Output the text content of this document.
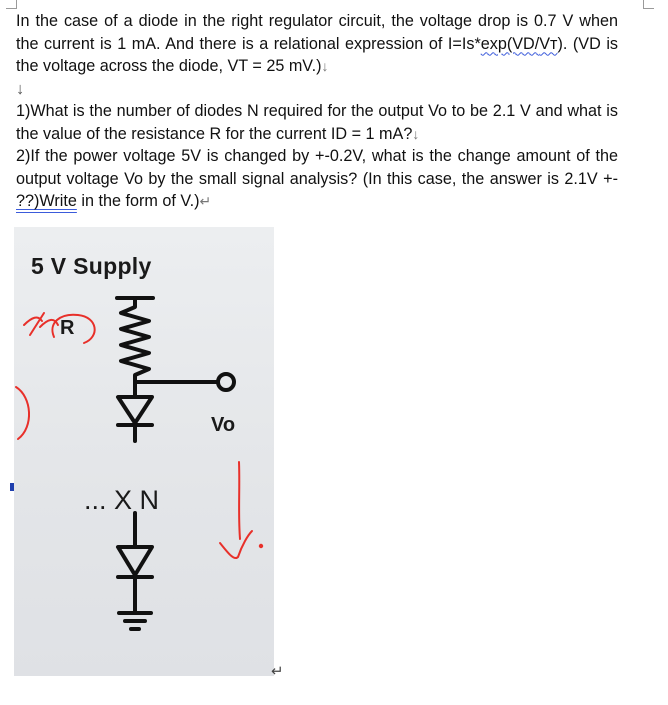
In the case of a diode in the right regulator circuit, the voltage drop is 0.7 V when the current is 1 mA. And there is a relational expression of I=Is*exp(VD/Vт). (VD is the voltage across the diode, VT = 25 mV.)↓

↓

1)What is the number of diodes N required for the output Vo to be 2.1 V and what is the value of the resistance R for the current ID = 1 mA?↓

2)If the power voltage 5V is changed by +-0.2V, what is the change amount of the output voltage Vo by the small signal analysis? (In this case, the answer is 2.1V +- ??)Write in the form of V.)↵

5 V Supply
R
Vo
... X N
↵
